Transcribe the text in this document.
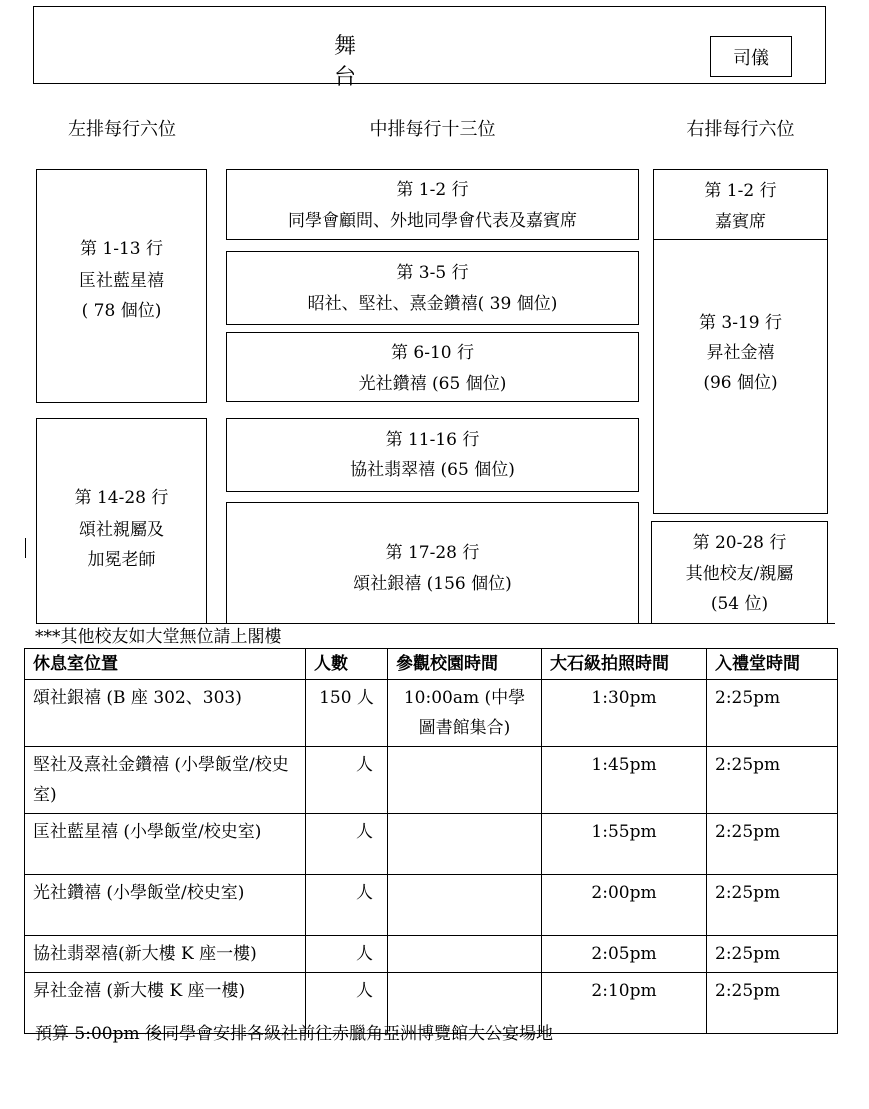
舞台
司儀
左排每行六位	中排每行十三位	右排每行六位
第 1-13 行
匡社藍星禧
( 78 個位)
第 14-28 行
頌社親屬及
加冕老師
第 1-2 行
同學會顧問、外地同學會代表及嘉賓席
第 3-5 行
昭社、堅社、熹金鑽禧( 39 個位)
第 6-10 行
光社鑽禧 (65 個位)
第 11-16 行
協社翡翠禧 (65 個位)
第 17-28 行
頌社銀禧 (156 個位)
第 1-2 行
嘉賓席
第 3-19 行
昇社金禧
(96 個位)
第 20-28 行
其他校友/親屬
(54 位)
***其他校友如大堂無位請上閣樓
休息室位置	人數	參觀校園時間	大石級拍照時間	入禮堂時間
頌社銀禧 (B 座 302、303)	150 人	10:00am (中學圖書館集合)	1:30pm	2:25pm
堅社及熹社金鑽禧 (小學飯堂/校史室)	人		1:45pm	2:25pm
匡社藍星禧 (小學飯堂/校史室)	人		1:55pm	2:25pm
光社鑽禧 (小學飯堂/校史室)	人		2:00pm	2:25pm
協社翡翠禧(新大樓 K 座一樓)	人		2:05pm	2:25pm
昇社金禧 (新大樓 K 座一樓)	人		2:10pm	2:25pm
預算 5:00pm 後同學會安排各級社前往赤臘角亞洲博覽館大公宴場地
